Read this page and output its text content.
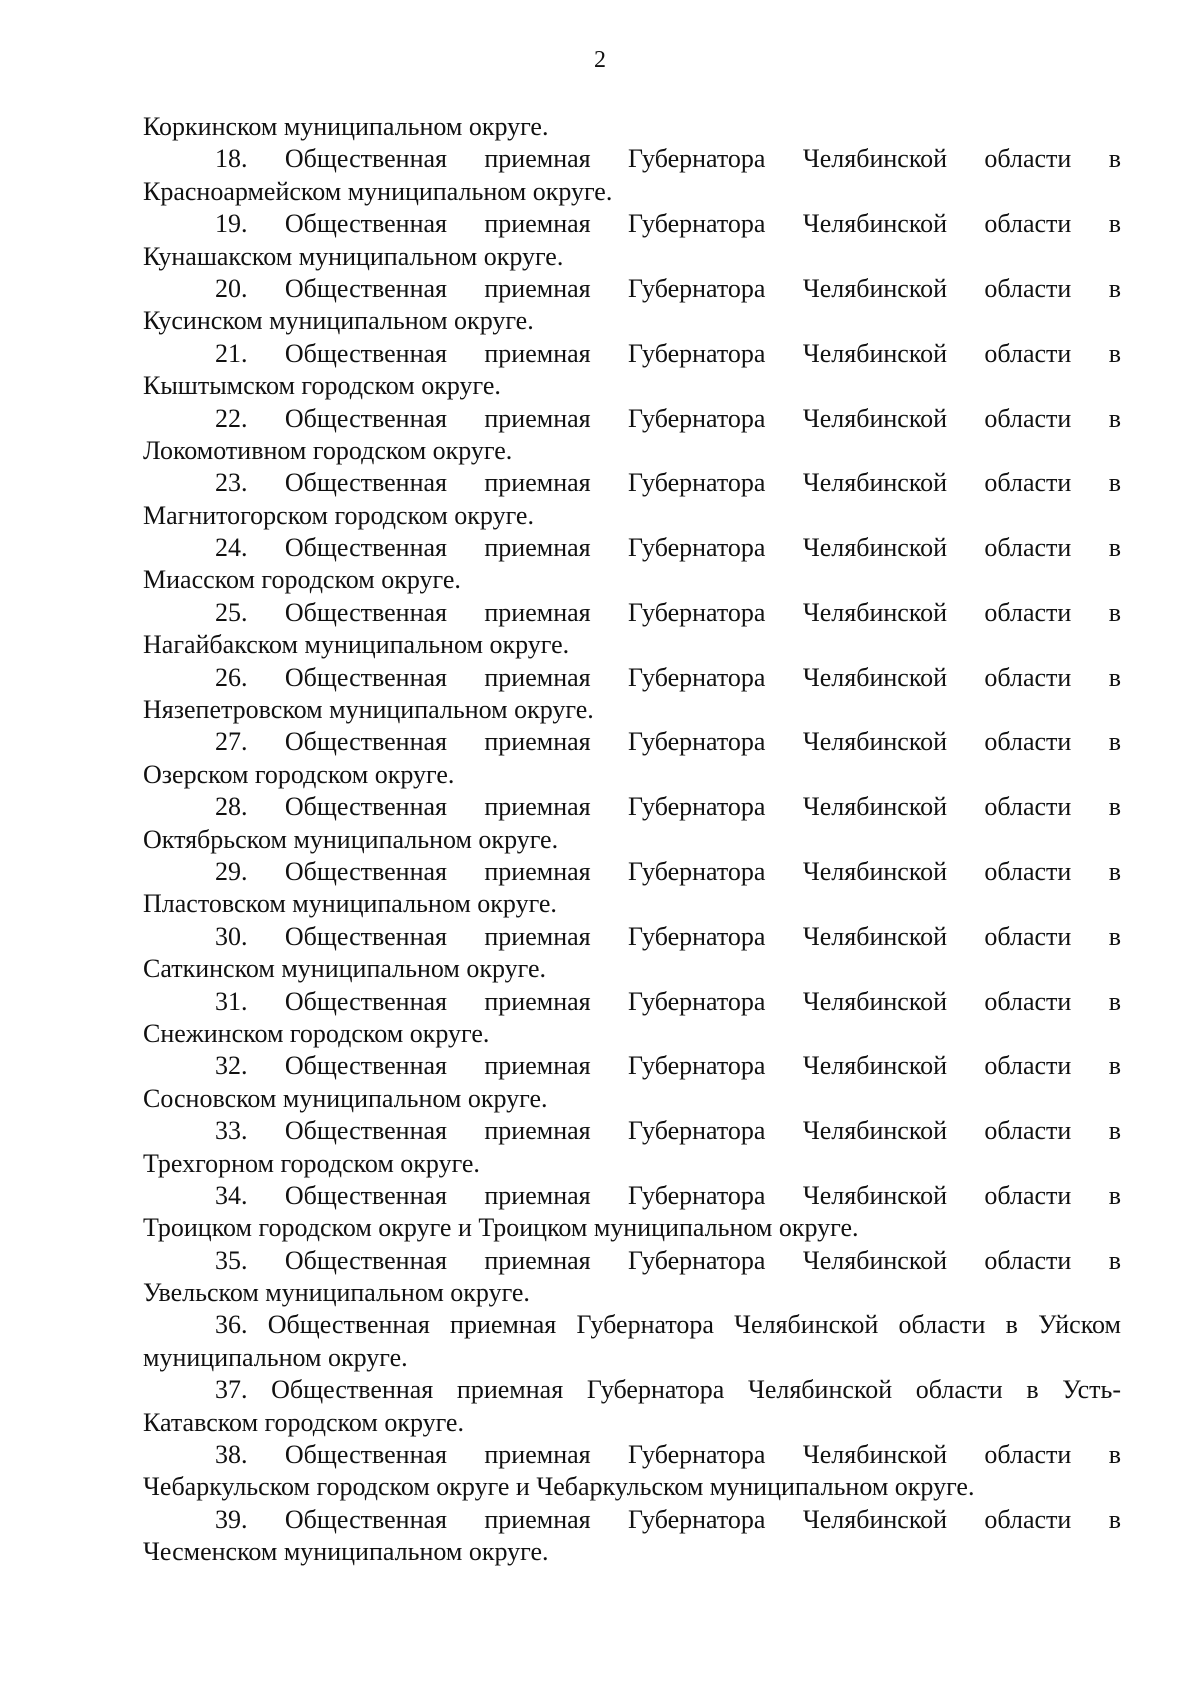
2
Коркинском муниципальном округе.
18. Общественная приемная Губернатора Челябинской области в
Красноармейском муниципальном округе.
19. Общественная приемная Губернатора Челябинской области в
Кунашакском муниципальном округе.
20. Общественная приемная Губернатора Челябинской области в
Кусинском муниципальном округе.
21. Общественная приемная Губернатора Челябинской области в
Кыштымском городском округе.
22. Общественная приемная Губернатора Челябинской области в
Локомотивном городском округе.
23. Общественная приемная Губернатора Челябинской области в
Магнитогорском городском округе.
24. Общественная приемная Губернатора Челябинской области в
Миасском городском округе.
25. Общественная приемная Губернатора Челябинской области в
Нагайбакском муниципальном округе.
26. Общественная приемная Губернатора Челябинской области в
Нязепетровском муниципальном округе.
27. Общественная приемная Губернатора Челябинской области в
Озерском городском округе.
28. Общественная приемная Губернатора Челябинской области в
Октябрьском муниципальном округе.
29. Общественная приемная Губернатора Челябинской области в
Пластовском муниципальном округе.
30. Общественная приемная Губернатора Челябинской области в
Саткинском муниципальном округе.
31. Общественная приемная Губернатора Челябинской области в
Снежинском городском округе.
32. Общественная приемная Губернатора Челябинской области в
Сосновском муниципальном округе.
33. Общественная приемная Губернатора Челябинской области в
Трехгорном городском округе.
34. Общественная приемная Губернатора Челябинской области в
Троицком городском округе и Троицком муниципальном округе.
35. Общественная приемная Губернатора Челябинской области в
Увельском муниципальном округе.
36. Общественная приемная Губернатора Челябинской области в Уйском
муниципальном округе.
37. Общественная приемная Губернатора Челябинской области в Усть-
Катавском городском округе.
38. Общественная приемная Губернатора Челябинской области в
Чебаркульском городском округе и Чебаркульском муниципальном округе.
39. Общественная приемная Губернатора Челябинской области в
Чесменском муниципальном округе.
